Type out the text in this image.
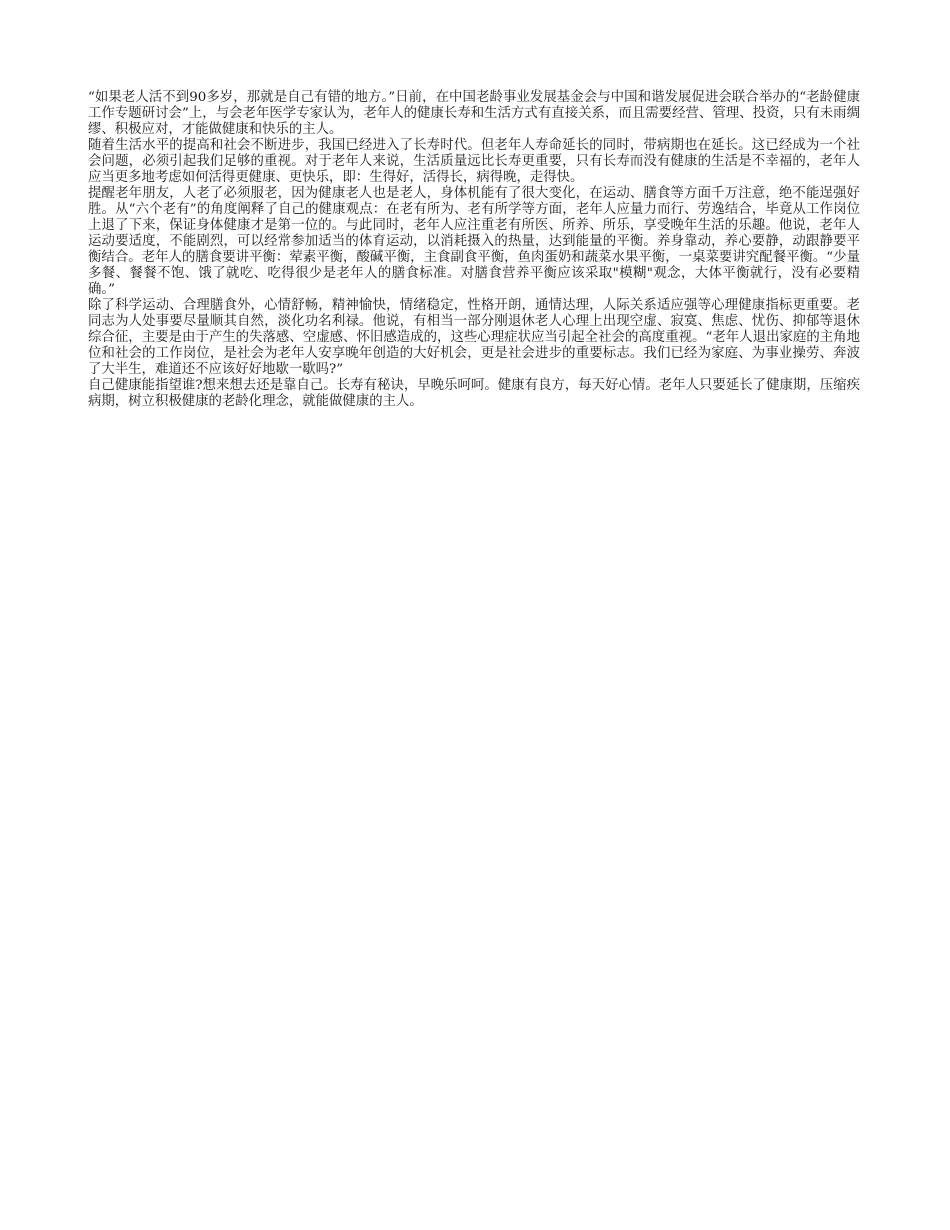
“如果老人活不到90多岁，那就是自己有错的地方。”日前，在中国老龄事业发展基金会与中国和谐发展促进会联合举办的“老龄健康工作专题研讨会”上，与会老年医学专家认为，老年人的健康长寿和生活方式有直接关系，而且需要经营、管理、投资，只有未雨绸缪、积极应对，才能做健康和快乐的主人。

随着生活水平的提高和社会不断进步，我国已经进入了长寿时代。但老年人寿命延长的同时，带病期也在延长。这已经成为一个社会问题，必须引起我们足够的重视。对于老年人来说，生活质量远比长寿更重要，只有长寿而没有健康的生活是不幸福的，老年人应当更多地考虑如何活得更健康、更快乐，即：生得好，活得长，病得晚，走得快。

提醒老年朋友，人老了必须服老，因为健康老人也是老人，身体机能有了很大变化，在运动、膳食等方面千万注意，绝不能逞强好胜。从“六个老有”的角度阐释了自己的健康观点：在老有所为、老有所学等方面，老年人应量力而行、劳逸结合，毕竟从工作岗位上退了下来，保证身体健康才是第一位的。与此同时，老年人应注重老有所医、所养、所乐，享受晚年生活的乐趣。他说，老年人运动要适度，不能剧烈，可以经常参加适当的体育运动，以消耗摄入的热量，达到能量的平衡。养身靠动，养心要静，动跟静要平衡结合。老年人的膳食要讲平衡：荤素平衡，酸碱平衡，主食副食平衡，鱼肉蛋奶和蔬菜水果平衡，一桌菜要讲究配餐平衡。“少量多餐、餐餐不饱、饿了就吃、吃得很少是老年人的膳食标准。对膳食营养平衡应该采取"模糊"观念，大体平衡就行，没有必要精确。”

除了科学运动、合理膳食外，心情舒畅，精神愉快，情绪稳定，性格开朗，通情达理，人际关系适应强等心理健康指标更重要。老同志为人处事要尽量顺其自然，淡化功名利禄。他说，有相当一部分刚退休老人心理上出现空虚、寂寞、焦虑、忧伤、抑郁等退休综合征，主要是由于产生的失落感、空虚感、怀旧感造成的，这些心理症状应当引起全社会的高度重视。“老年人退出家庭的主角地位和社会的工作岗位，是社会为老年人安享晚年创造的大好机会，更是社会进步的重要标志。我们已经为家庭、为事业操劳、奔波了大半生，难道还不应该好好地歇一歇吗?”

自己健康能指望谁?想来想去还是靠自己。长寿有秘诀，早晚乐呵呵。健康有良方，每天好心情。老年人只要延长了健康期，压缩疾病期，树立积极健康的老龄化理念，就能做健康的主人。
